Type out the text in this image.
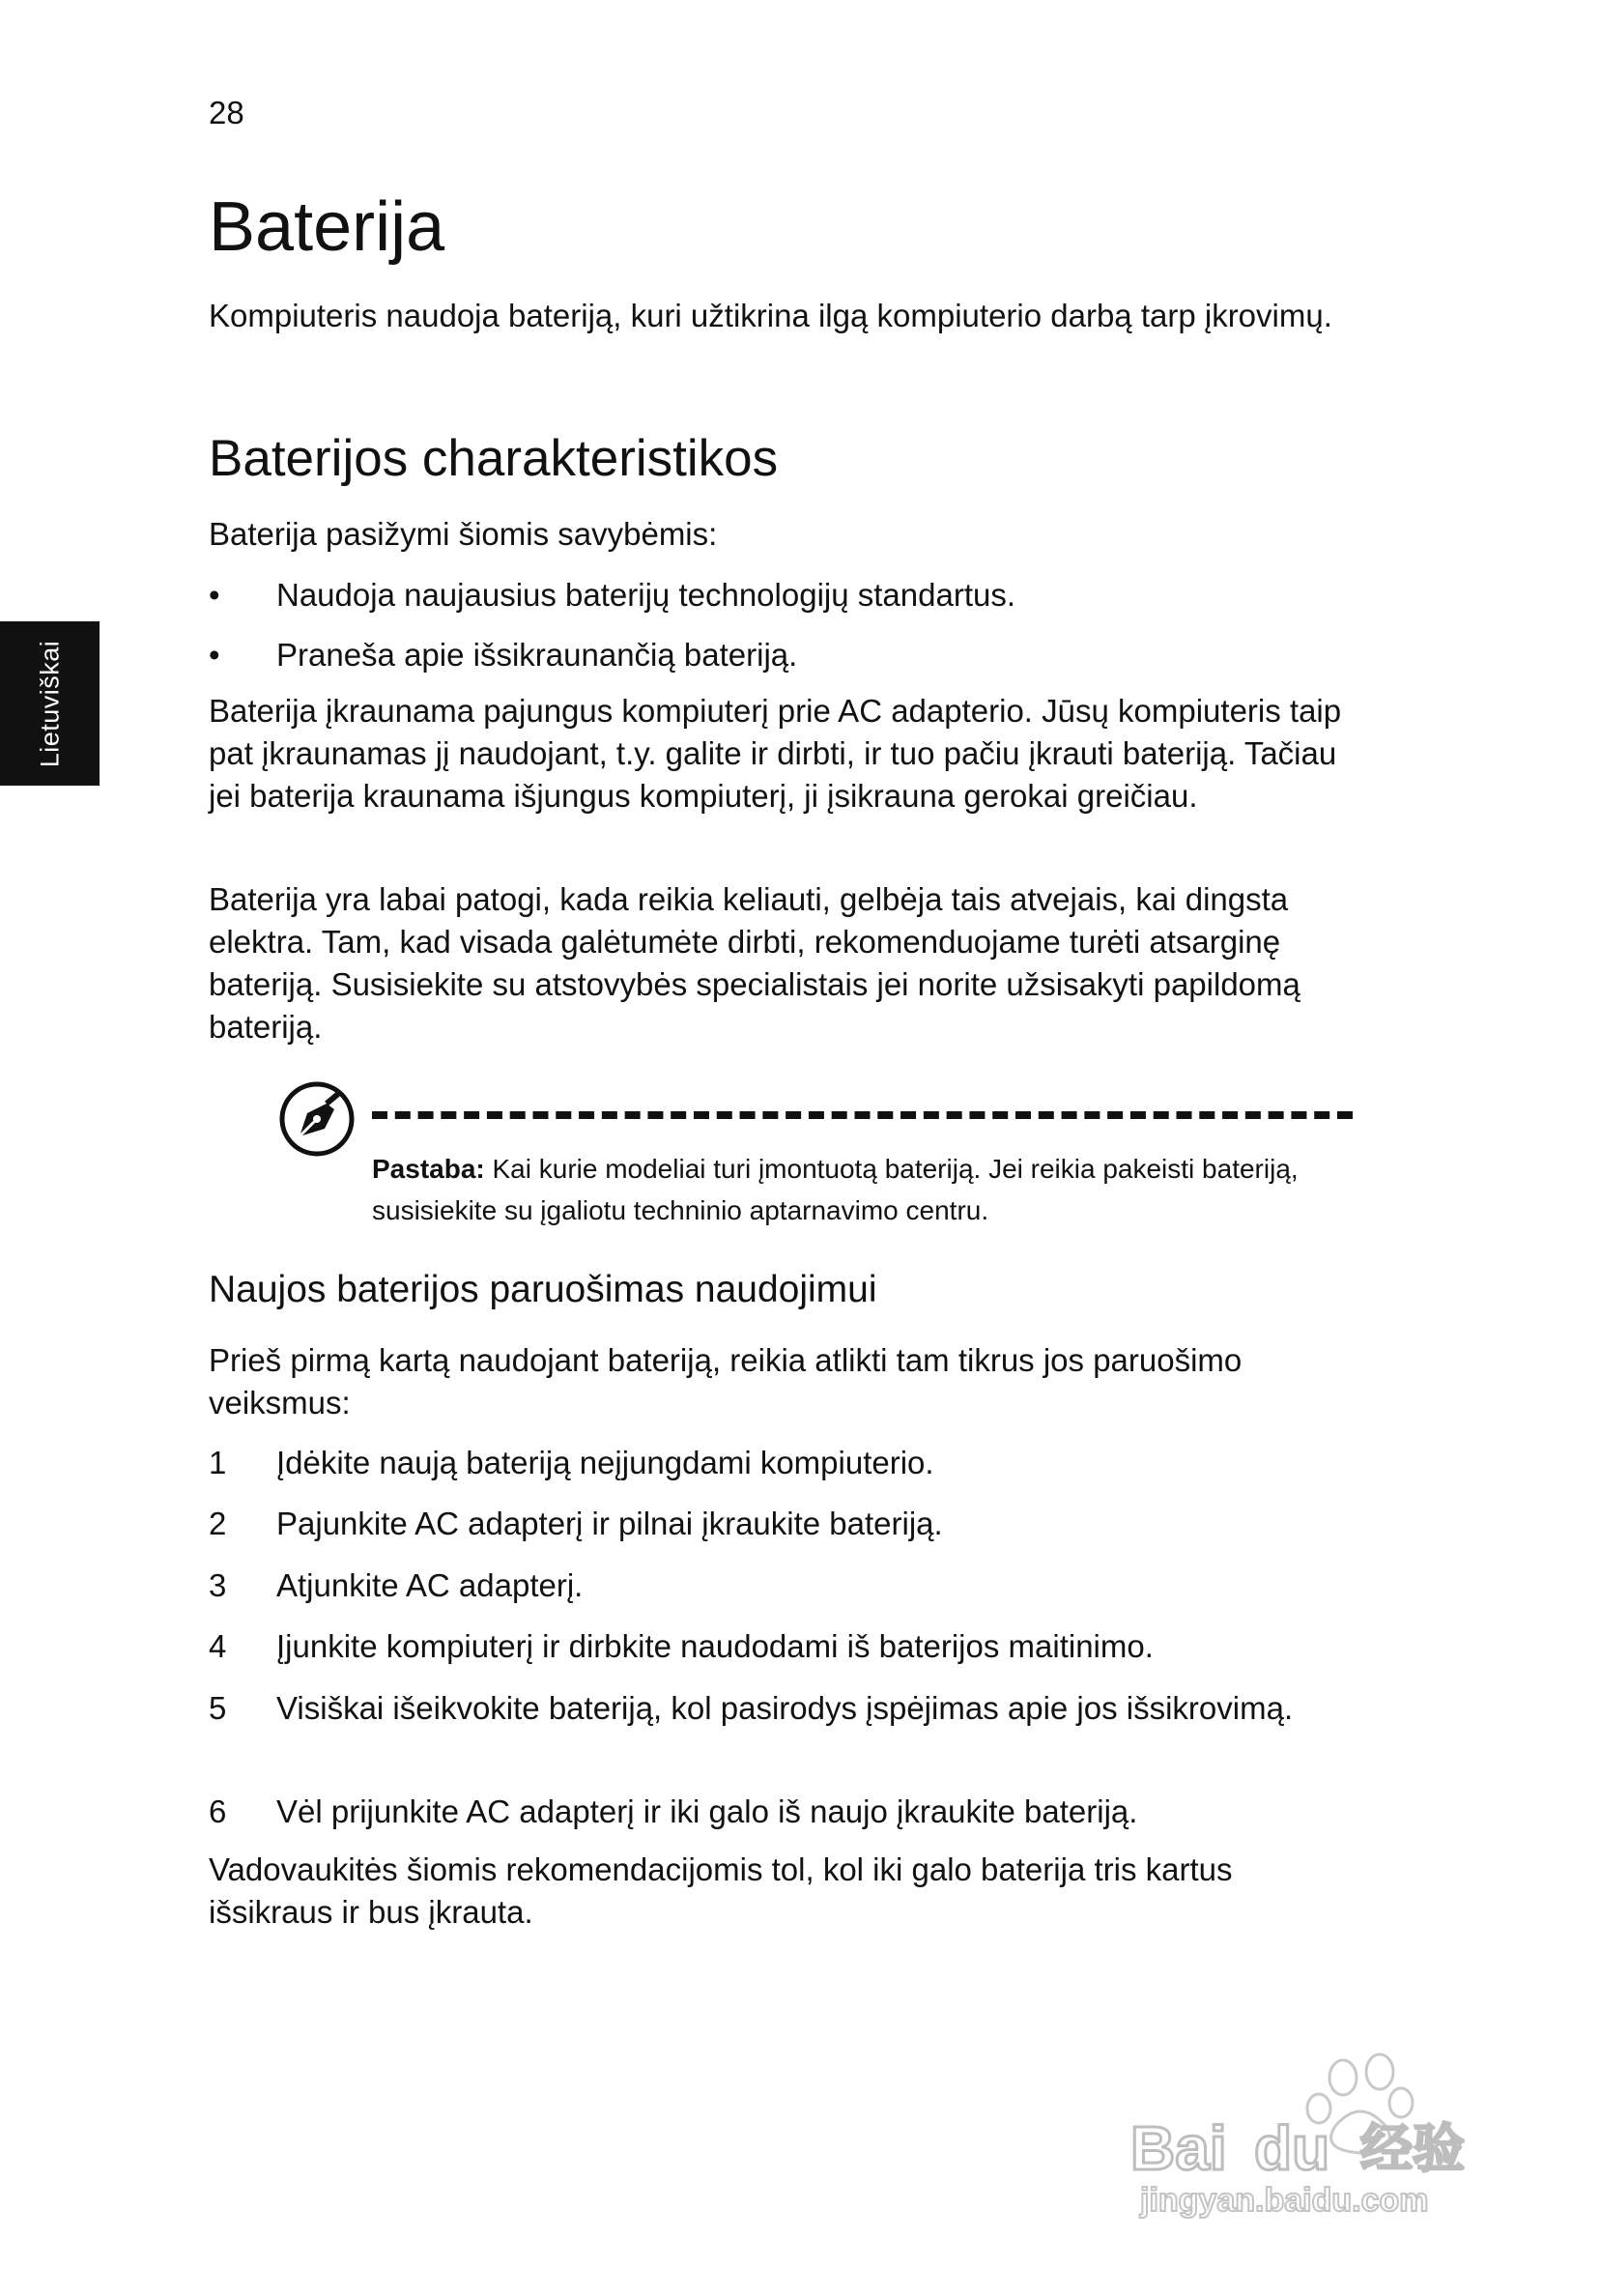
28
Lietuviškai
Baterija

Kompiuteris naudoja bateriją, kuri užtikrina ilgą kompiuterio darbą tarp įkrovimų.

Baterijos charakteristikos

Baterija pasižymi šiomis savybėmis:

• Naudoja naujausius baterijų technologijų standartus.
• Praneša apie išsikraunančią bateriją.

Baterija įkraunama pajungus kompiuterį prie AC adapterio. Jūsų kompiuteris taip pat įkraunamas jį naudojant, t.y. galite ir dirbti, ir tuo pačiu įkrauti bateriją. Tačiau jei baterija kraunama išjungus kompiuterį, ji įsikrauna gerokai greičiau.

Baterija yra labai patogi, kada reikia keliauti, gelbėja tais atvejais, kai dingsta elektra. Tam, kad visada galėtumėte dirbti, rekomenduojame turėti atsarginę bateriją. Susisiekite su atstovybės specialistais jei norite užsisakyti papildomą bateriją.

Naujos baterijos paruošimas naudojimui

Prieš pirmą kartą naudojant bateriją, reikia atlikti tam tikrus jos paruošimo veiksmus:

1 Įdėkite naują bateriją neįjungdami kompiuterio.
2 Pajunkite AC adapterį ir pilnai įkraukite bateriją.
3 Atjunkite AC adapterį.
4 Įjunkite kompiuterį ir dirbkite naudodami iš baterijos maitinimo.
5 Visiškai išeikvokite bateriją, kol pasirodys įspėjimas apie jos išsikrovimą.
6 Vėl prijunkite AC adapterį ir iki galo iš naujo įkraukite bateriją.

Vadovaukitės šiomis rekomendacijomis tol, kol iki galo baterija tris kartus išsikraus ir bus įkrauta.

Pastaba: Kai kurie modeliai turi įmontuotą bateriją. Jei reikia pakeisti bateriją, susisiekite su įgaliotu techninio aptarnavimo centru.
Bai du 经验
jingyan.baidu.com
